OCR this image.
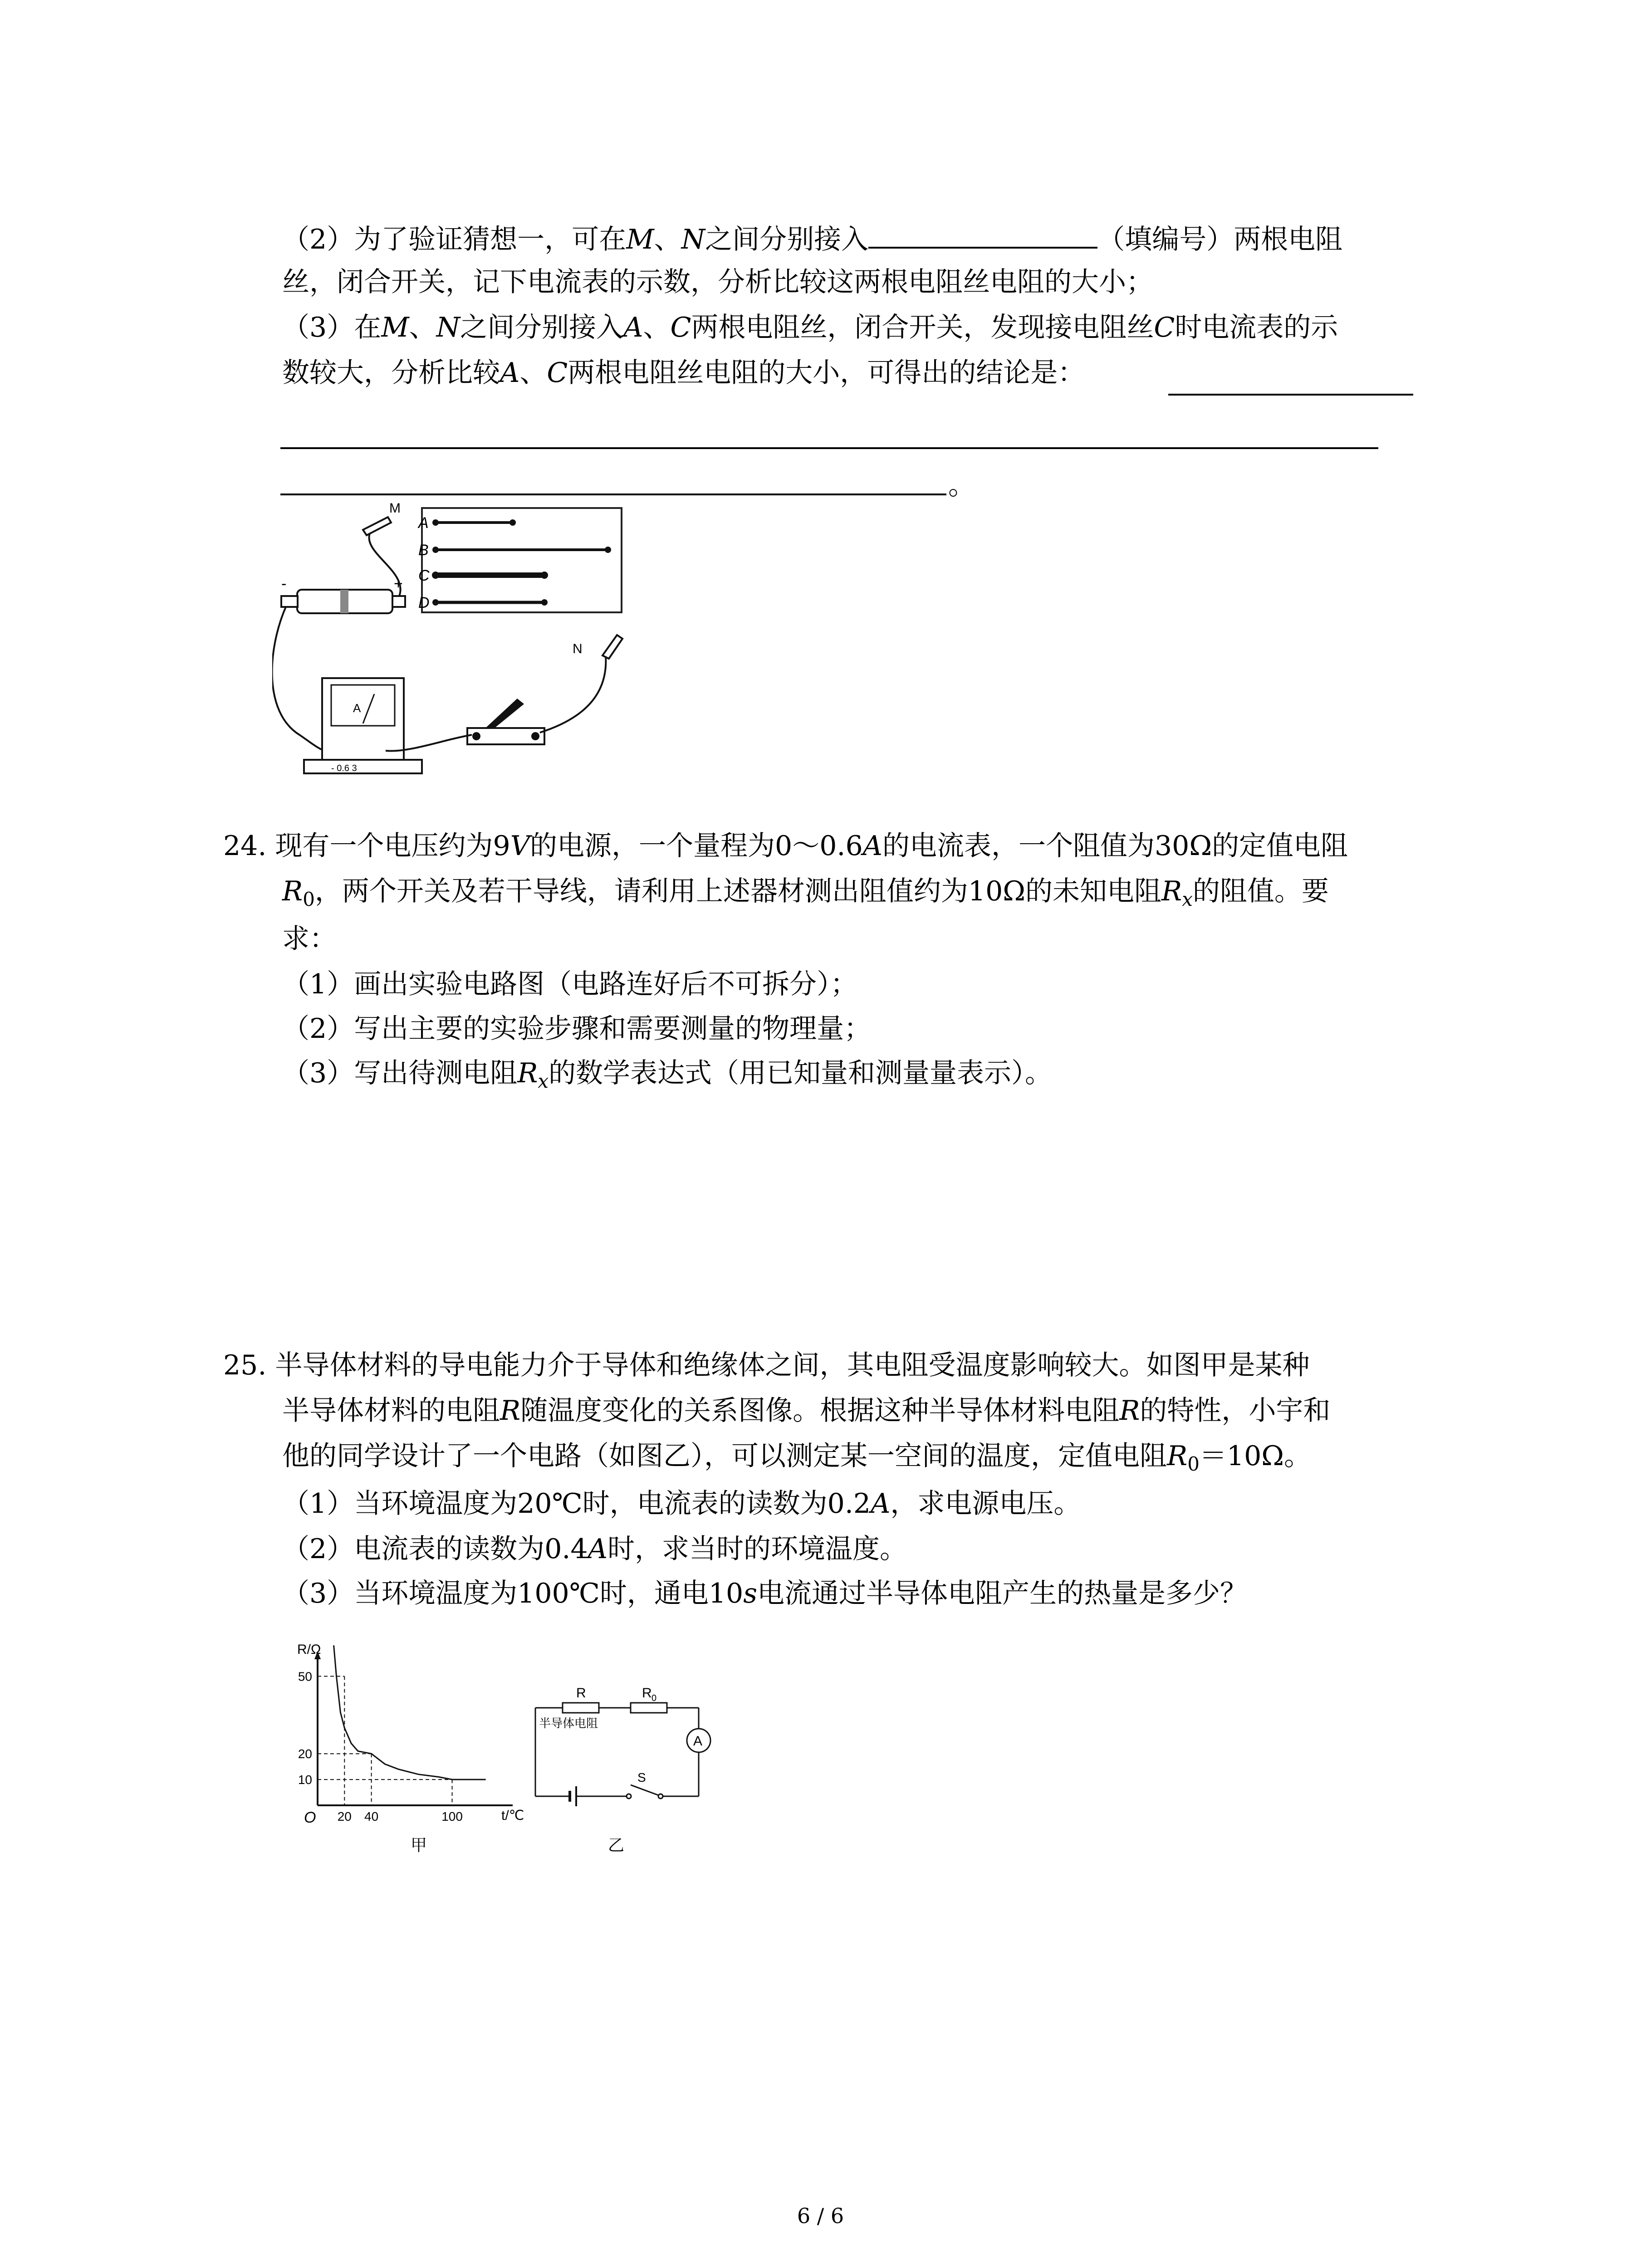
（2）为了验证猜想一，可在M、N之间分别接入	（填编号）两根电阻
丝，闭合开关，记下电流表的示数，分析比较这两根电阻丝电阻的大小；
（3）在M、N之间分别接入A、C两根电阻丝，闭合开关，发现接电阻丝C时电流表的示
数较大，分析比较A、C两根电阻丝电阻的大小，可得出的结论是：
。
A
B
C
D
M
-	+
A
- 0.6 3
N
24. 现有一个电压约为9V的电源，一个量程为0～0.6A的电流表，一个阻值为30Ω的定值电阻
$R_0$，两个开关及若干导线，请利用上述器材测出阻值约为10Ω的未知电阻$R_x$的阻值。要
求：
（1）画出实验电路图（电路连好后不可拆分）；
（2）写出主要的实验步骤和需要测量的物理量；
（3）写出待测电阻$R_x$的数学表达式（用已知量和测量量表示）。
25. 半导体材料的导电能力介于导体和绝缘体之间，其电阻受温度影响较大。如图甲是某种
半导体材料的电阻R随温度变化的关系图像。根据这种半导体材料电阻R的特性，小宇和
他的同学设计了一个电路（如图乙），可以测定某一空间的温度，定值电阻$R_0=10\Omega$。
（1）当环境温度为20℃时，电流表的读数为0.2A，求电源电压。
（2）电流表的读数为0.4A时，求当时的环境温度。
（3）当环境温度为100℃时，通电10s电流通过半导体电阻产生的热量是多少？
10
20
50
20 40	100
R/Ω
t/℃
O
甲
A
S
R	R 0
半导体电阻
乙
6 / 6
